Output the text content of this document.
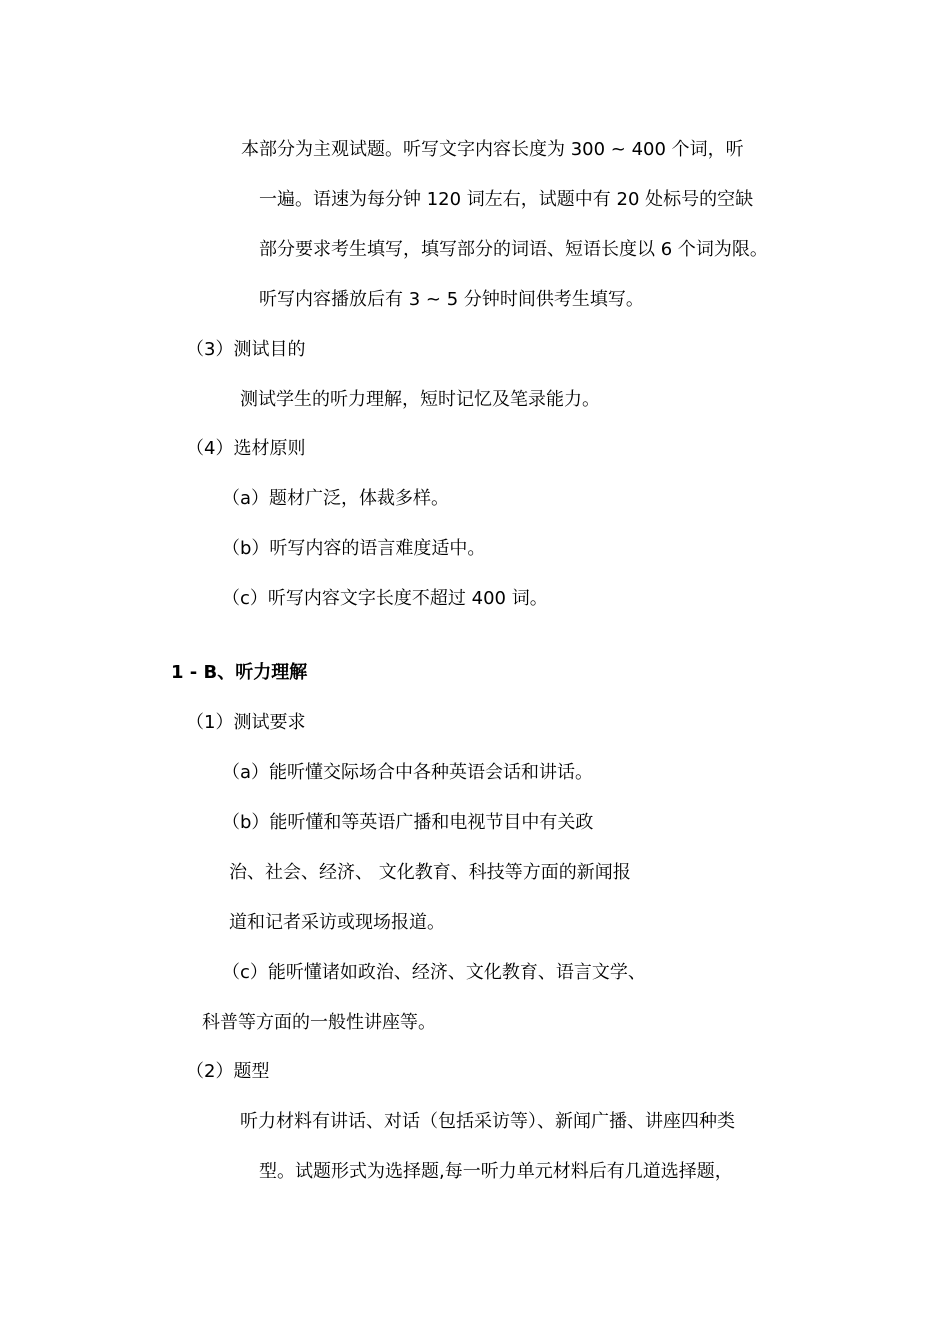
本部分为主观试题。听写文字内容长度为 300 ~ 400 个词，听
一遍。语速为每分钟 120 词左右，试题中有 20 处标号的空缺
部分要求考生填写，填写部分的词语、短语长度以 6 个词为限。
听写内容播放后有 3 ~ 5 分钟时间供考生填写。
（3）测试目的
测试学生的听力理解，短时记忆及笔录能力。
（4）选材原则
（a）题材广泛，体裁多样。
（b）听写内容的语言难度适中。
（c）听写内容文字长度不超过 400 词。
1 - B、听力理解
（1）测试要求
（a）能听懂交际场合中各种英语会话和讲话。
（b）能听懂和等英语广播和电视节目中有关政
治、社会、经济、 文化教育、科技等方面的新闻报
道和记者采访或现场报道。
（c）能听懂诸如政治、经济、文化教育、语言文学、
科普等方面的一般性讲座等。
（2）题型
听力材料有讲话、对话（包括采访等）、新闻广播、讲座四种类
型。试题形式为选择题,每一听力单元材料后有几道选择题，
